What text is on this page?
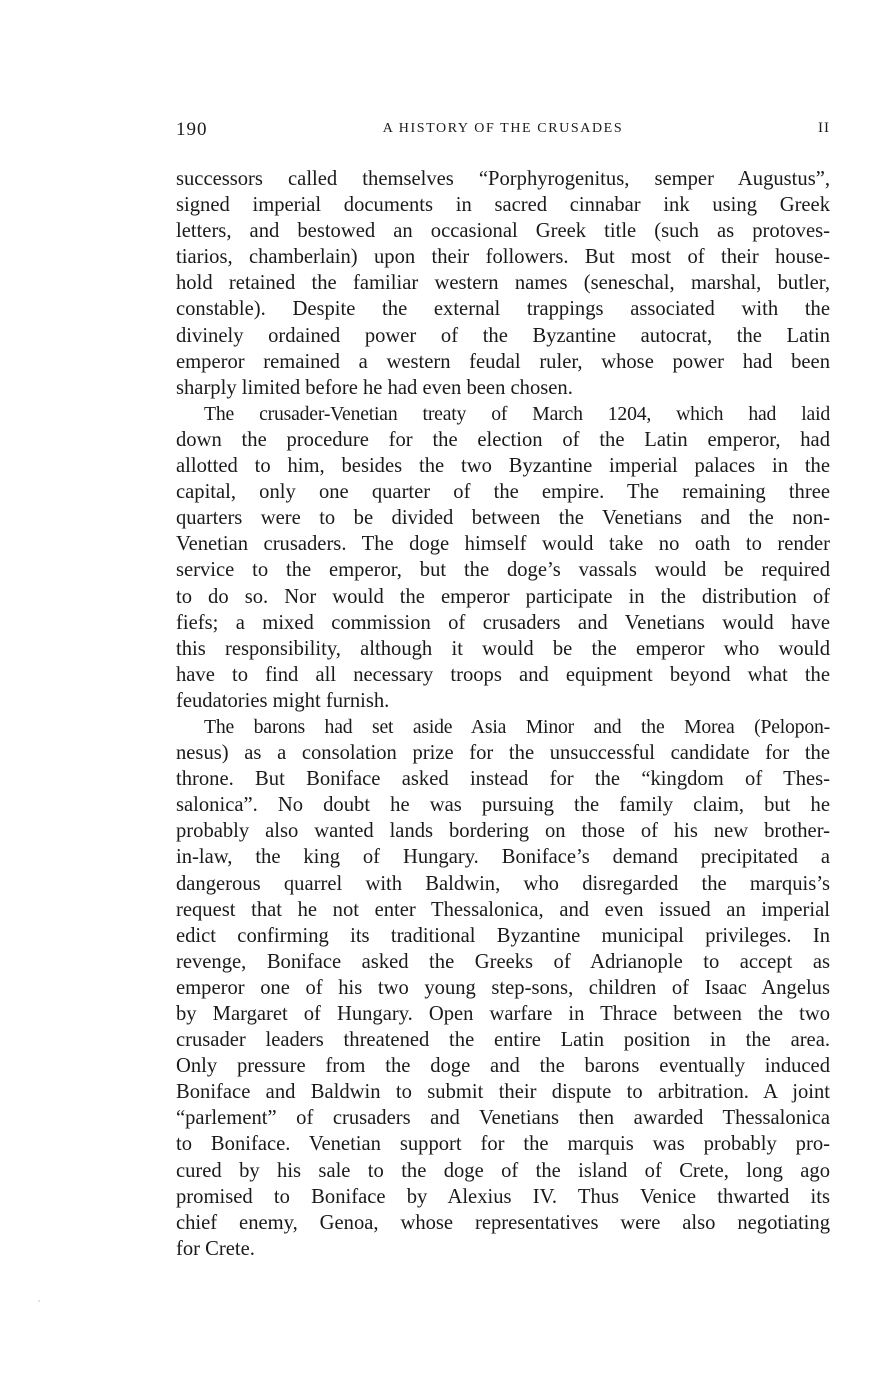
190	A HISTORY OF THE CRUSADES	II

successors called themselves “Porphyrogenitus, semper Augustus”,
signed imperial documents in sacred cinnabar ink using Greek
letters, and bestowed an occasional Greek title (such as protoves-
tiarios, chamberlain) upon their followers. But most of their house-
hold retained the familiar western names (seneschal, marshal, butler,
constable). Despite the external trappings associated with the
divinely ordained power of the Byzantine autocrat, the Latin
emperor remained a western feudal ruler, whose power had been
sharply limited before he had even been chosen.

The crusader-Venetian treaty of March 1204, which had laid
down the procedure for the election of the Latin emperor, had
allotted to him, besides the two Byzantine imperial palaces in the
capital, only one quarter of the empire. The remaining three
quarters were to be divided between the Venetians and the non-
Venetian crusaders. The doge himself would take no oath to render
service to the emperor, but the doge’s vassals would be required
to do so. Nor would the emperor participate in the distribution of
fiefs; a mixed commission of crusaders and Venetians would have
this responsibility, although it would be the emperor who would
have to find all necessary troops and equipment beyond what the
feudatories might furnish.

The barons had set aside Asia Minor and the Morea (Pelopon-
nesus) as a consolation prize for the unsuccessful candidate for the
throne. But Boniface asked instead for the “kingdom of Thes-
salonica”. No doubt he was pursuing the family claim, but he
probably also wanted lands bordering on those of his new brother-
in-law, the king of Hungary. Boniface’s demand precipitated a
dangerous quarrel with Baldwin, who disregarded the marquis’s
request that he not enter Thessalonica, and even issued an imperial
edict confirming its traditional Byzantine municipal privileges. In
revenge, Boniface asked the Greeks of Adrianople to accept as
emperor one of his two young step-sons, children of Isaac Angelus
by Margaret of Hungary. Open warfare in Thrace between the two
crusader leaders threatened the entire Latin position in the area.
Only pressure from the doge and the barons eventually induced
Boniface and Baldwin to submit their dispute to arbitration. A joint
“parlement” of crusaders and Venetians then awarded Thessalonica
to Boniface. Venetian support for the marquis was probably pro-
cured by his sale to the doge of the island of Crete, long ago
promised to Boniface by Alexius IV. Thus Venice thwarted its
chief enemy, Genoa, whose representatives were also negotiating
for Crete.
